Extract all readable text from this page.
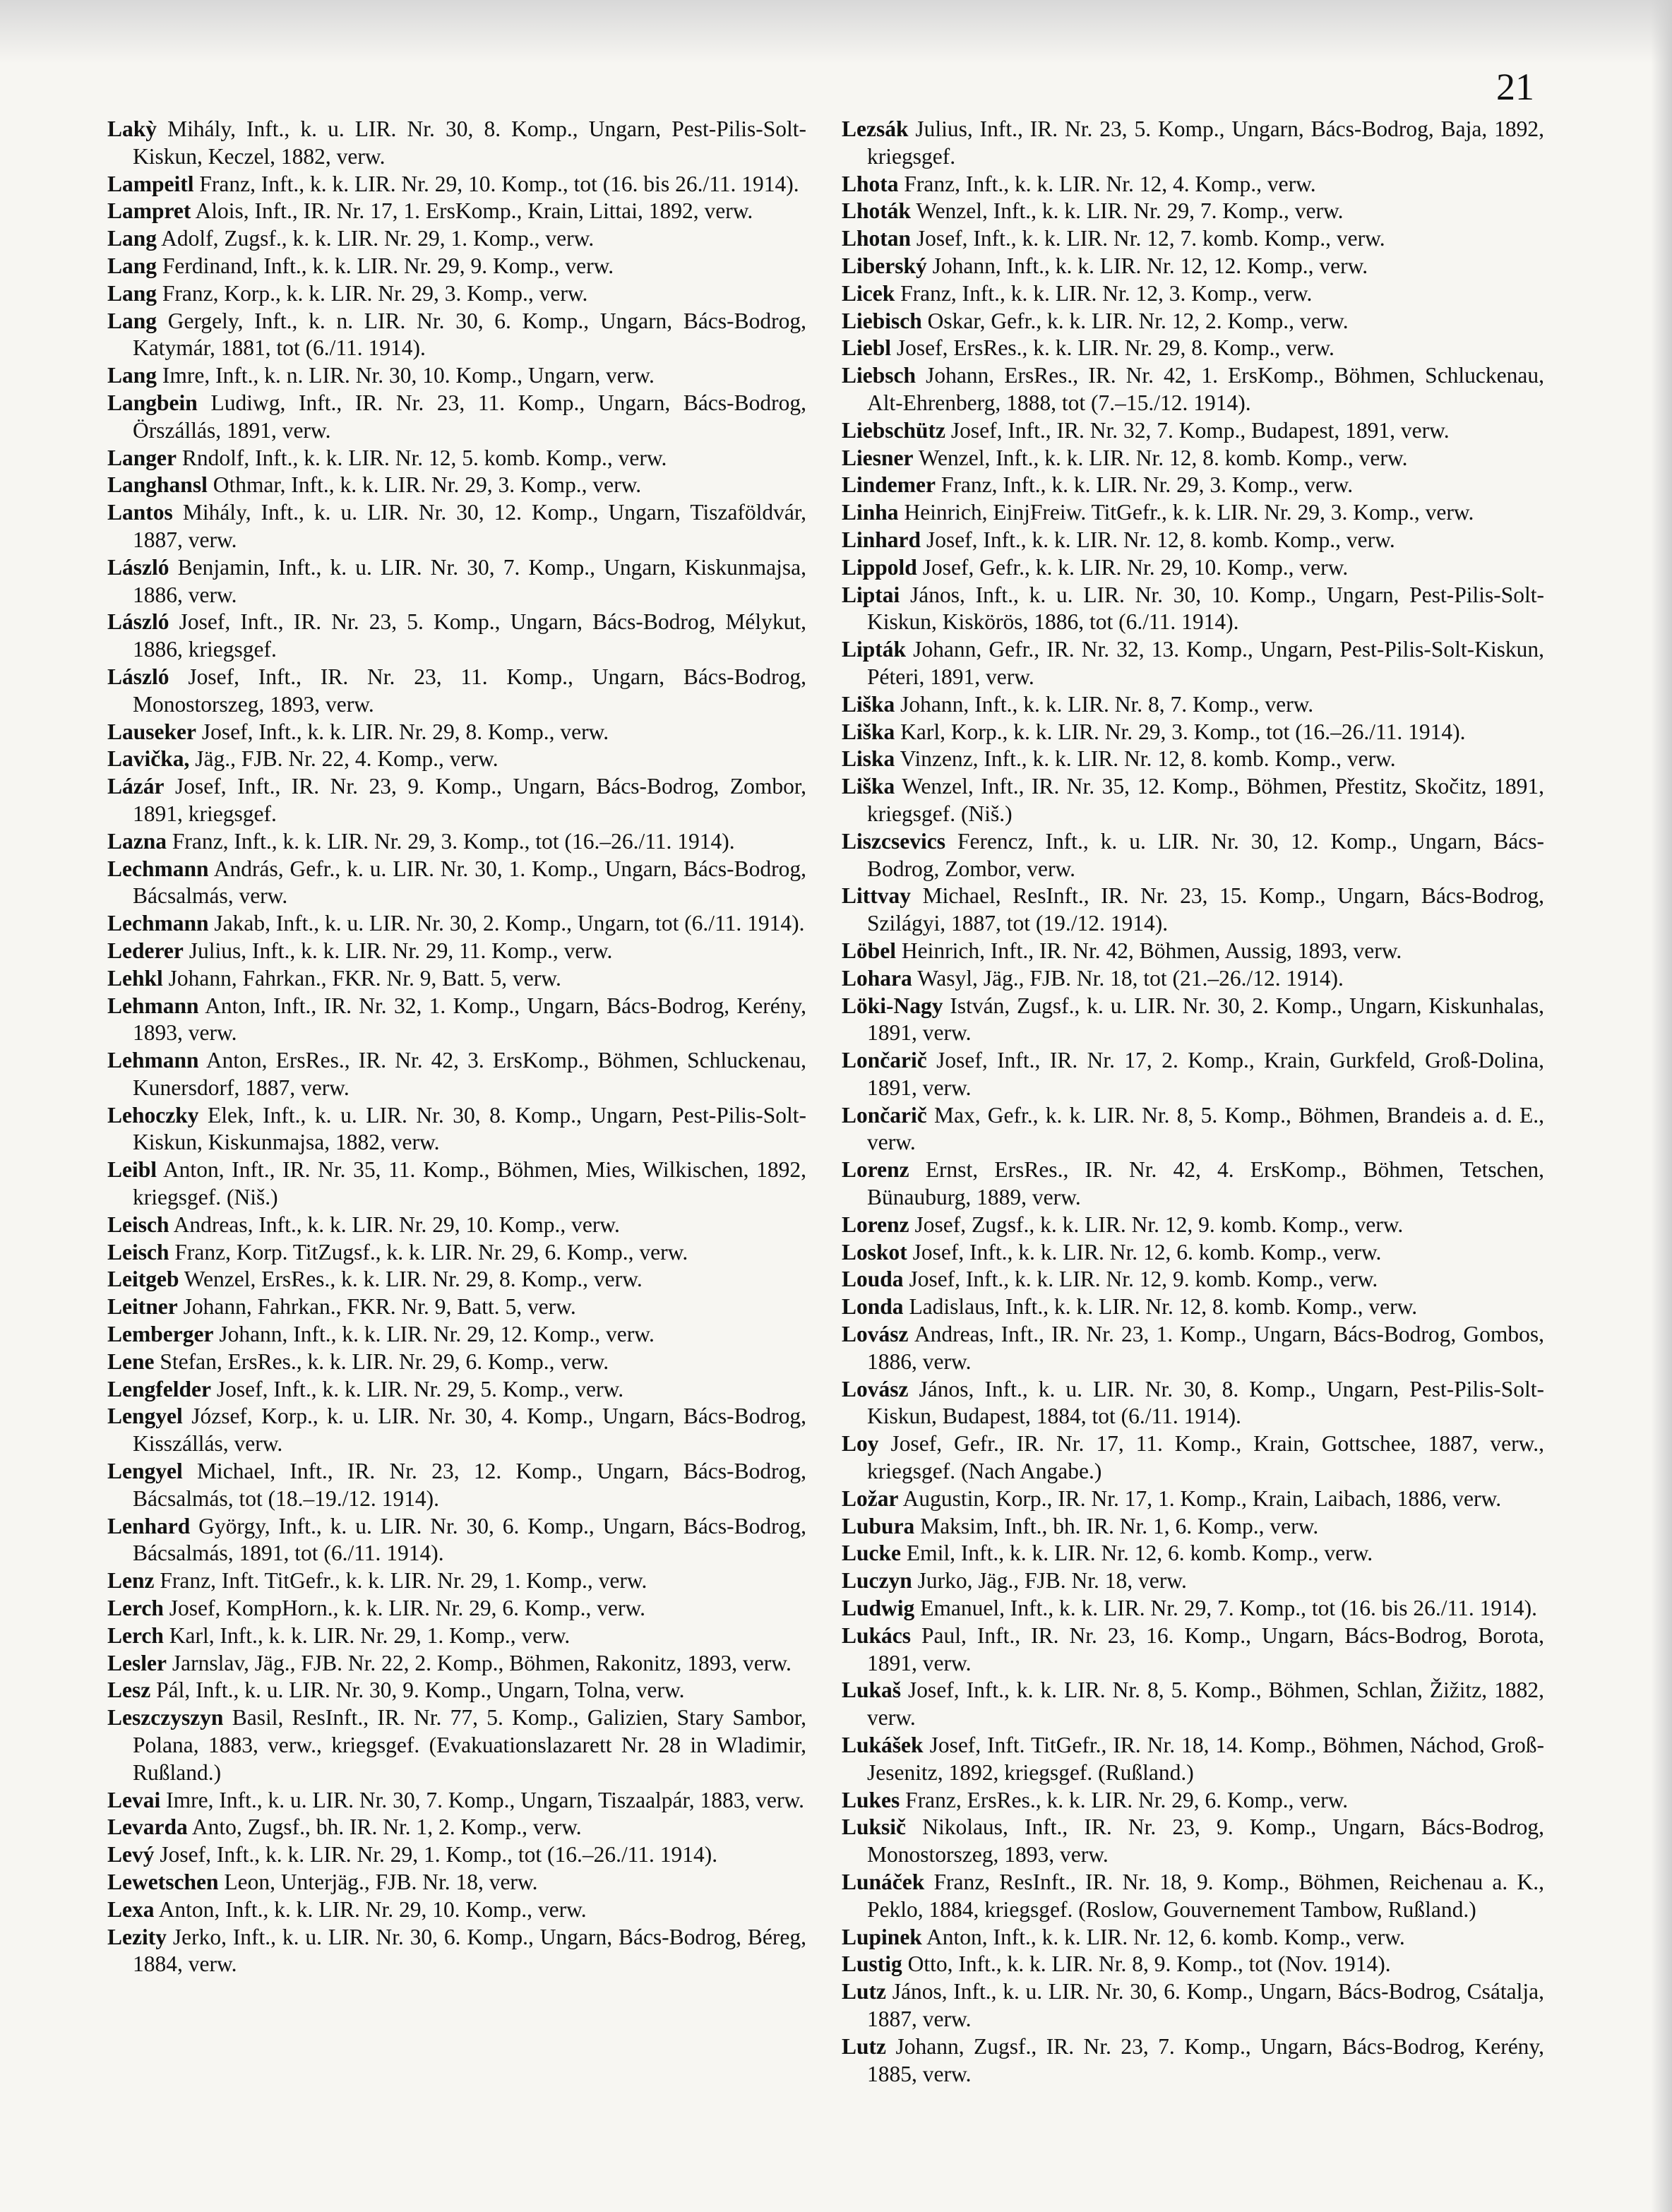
21

Lakỳ Mihály, Inft., k. u. LIR. Nr. 30, 8. Komp., Ungarn, Pest-Pilis-Solt-Kiskun, Keczel, 1882, verw.

Lampeitl Franz, Inft., k. k. LIR. Nr. 29, 10. Komp., tot (16. bis 26./11. 1914).

Lampret Alois, Inft., IR. Nr. 17, 1. ErsKomp., Krain, Littai, 1892, verw.

Lang Adolf, Zugsf., k. k. LIR. Nr. 29, 1. Komp., verw.

Lang Ferdinand, Inft., k. k. LIR. Nr. 29, 9. Komp., verw.

Lang Franz, Korp., k. k. LIR. Nr. 29, 3. Komp., verw.

Lang Gergely, Inft., k. n. LIR. Nr. 30, 6. Komp., Ungarn, Bács-Bodrog, Katymár, 1881, tot (6./11. 1914).

Lang Imre, Inft., k. n. LIR. Nr. 30, 10. Komp., Ungarn, verw.

Langbein Ludiwg, Inft., IR. Nr. 23, 11. Komp., Ungarn, Bács-Bodrog, Örszállás, 1891, verw.

Langer Rndolf, Inft., k. k. LIR. Nr. 12, 5. komb. Komp., verw.

Langhansl Othmar, Inft., k. k. LIR. Nr. 29, 3. Komp., verw.

Lantos Mihály, Inft., k. u. LIR. Nr. 30, 12. Komp., Ungarn, Tiszaföldvár, 1887, verw.

László Benjamin, Inft., k. u. LIR. Nr. 30, 7. Komp., Ungarn, Kiskunmajsa, 1886, verw.

László Josef, Inft., IR. Nr. 23, 5. Komp., Ungarn, Bács-Bodrog, Mélykut, 1886, kriegsgef.

László Josef, Inft., IR. Nr. 23, 11. Komp., Ungarn, Bács-Bodrog, Monostorszeg, 1893, verw.

Lauseker Josef, Inft., k. k. LIR. Nr. 29, 8. Komp., verw.

Lavička, Jäg., FJB. Nr. 22, 4. Komp., verw.

Lázár Josef, Inft., IR. Nr. 23, 9. Komp., Ungarn, Bács-Bodrog, Zombor, 1891, kriegsgef.

Lazna Franz, Inft., k. k. LIR. Nr. 29, 3. Komp., tot (16.–26./11. 1914).

Lechmann András, Gefr., k. u. LIR. Nr. 30, 1. Komp., Ungarn, Bács-Bodrog, Bácsalmás, verw.

Lechmann Jakab, Inft., k. u. LIR. Nr. 30, 2. Komp., Ungarn, tot (6./11. 1914).

Lederer Julius, Inft., k. k. LIR. Nr. 29, 11. Komp., verw.

Lehkl Johann, Fahrkan., FKR. Nr. 9, Batt. 5, verw.

Lehmann Anton, Inft., IR. Nr. 32, 1. Komp., Ungarn, Bács-Bodrog, Kerény, 1893, verw.

Lehmann Anton, ErsRes., IR. Nr. 42, 3. ErsKomp., Böhmen, Schluckenau, Kunersdorf, 1887, verw.

Lehoczky Elek, Inft., k. u. LIR. Nr. 30, 8. Komp., Ungarn, Pest-Pilis-Solt-Kiskun, Kiskunmajsa, 1882, verw.

Leibl Anton, Inft., IR. Nr. 35, 11. Komp., Böhmen, Mies, Wilkischen, 1892, kriegsgef. (Niš.)

Leisch Andreas, Inft., k. k. LIR. Nr. 29, 10. Komp., verw.

Leisch Franz, Korp. TitZugsf., k. k. LIR. Nr. 29, 6. Komp., verw.

Leitgeb Wenzel, ErsRes., k. k. LIR. Nr. 29, 8. Komp., verw.

Leitner Johann, Fahrkan., FKR. Nr. 9, Batt. 5, verw.

Lemberger Johann, Inft., k. k. LIR. Nr. 29, 12. Komp., verw.

Lene Stefan, ErsRes., k. k. LIR. Nr. 29, 6. Komp., verw.

Lengfelder Josef, Inft., k. k. LIR. Nr. 29, 5. Komp., verw.

Lengyel József, Korp., k. u. LIR. Nr. 30, 4. Komp., Ungarn, Bács-Bodrog, Kisszállás, verw.

Lengyel Michael, Inft., IR. Nr. 23, 12. Komp., Ungarn, Bács-Bodrog, Bácsalmás, tot (18.–19./12. 1914).

Lenhard György, Inft., k. u. LIR. Nr. 30, 6. Komp., Ungarn, Bács-Bodrog, Bácsalmás, 1891, tot (6./11. 1914).

Lenz Franz, Inft. TitGefr., k. k. LIR. Nr. 29, 1. Komp., verw.

Lerch Josef, KompHorn., k. k. LIR. Nr. 29, 6. Komp., verw.

Lerch Karl, Inft., k. k. LIR. Nr. 29, 1. Komp., verw.

Lesler Jarnslav, Jäg., FJB. Nr. 22, 2. Komp., Böhmen, Rakonitz, 1893, verw.

Lesz Pál, Inft., k. u. LIR. Nr. 30, 9. Komp., Ungarn, Tolna, verw.

Leszczyszyn Basil, ResInft., IR. Nr. 77, 5. Komp., Galizien, Stary Sambor, Polana, 1883, verw., kriegsgef. (Evakuationslazarett Nr. 28 in Wladimir, Rußland.)

Levai Imre, Inft., k. u. LIR. Nr. 30, 7. Komp., Ungarn, Tiszaalpár, 1883, verw.

Levarda Anto, Zugsf., bh. IR. Nr. 1, 2. Komp., verw.

Levý Josef, Inft., k. k. LIR. Nr. 29, 1. Komp., tot (16.–26./11. 1914).

Lewetschen Leon, Unterjäg., FJB. Nr. 18, verw.

Lexa Anton, Inft., k. k. LIR. Nr. 29, 10. Komp., verw.

Lezity Jerko, Inft., k. u. LIR. Nr. 30, 6. Komp., Ungarn, Bács-Bodrog, Béreg, 1884, verw.

Lezsák Julius, Inft., IR. Nr. 23, 5. Komp., Ungarn, Bács-Bodrog, Baja, 1892, kriegsgef.

Lhota Franz, Inft., k. k. LIR. Nr. 12, 4. Komp., verw.

Lhoták Wenzel, Inft., k. k. LIR. Nr. 29, 7. Komp., verw.

Lhotan Josef, Inft., k. k. LIR. Nr. 12, 7. komb. Komp., verw.

Liberský Johann, Inft., k. k. LIR. Nr. 12, 12. Komp., verw.

Licek Franz, Inft., k. k. LIR. Nr. 12, 3. Komp., verw.

Liebisch Oskar, Gefr., k. k. LIR. Nr. 12, 2. Komp., verw.

Liebl Josef, ErsRes., k. k. LIR. Nr. 29, 8. Komp., verw.

Liebsch Johann, ErsRes., IR. Nr. 42, 1. ErsKomp., Böhmen, Schluckenau, Alt-Ehrenberg, 1888, tot (7.–15./12. 1914).

Liebschütz Josef, Inft., IR. Nr. 32, 7. Komp., Budapest, 1891, verw.

Liesner Wenzel, Inft., k. k. LIR. Nr. 12, 8. komb. Komp., verw.

Lindemer Franz, Inft., k. k. LIR. Nr. 29, 3. Komp., verw.

Linha Heinrich, EinjFreiw. TitGefr., k. k. LIR. Nr. 29, 3. Komp., verw.

Linhard Josef, Inft., k. k. LIR. Nr. 12, 8. komb. Komp., verw.

Lippold Josef, Gefr., k. k. LIR. Nr. 29, 10. Komp., verw.

Liptai János, Inft., k. u. LIR. Nr. 30, 10. Komp., Ungarn, Pest-Pilis-Solt-Kiskun, Kiskörös, 1886, tot (6./11. 1914).

Lipták Johann, Gefr., IR. Nr. 32, 13. Komp., Ungarn, Pest-Pilis-Solt-Kiskun, Péteri, 1891, verw.

Liška Johann, Inft., k. k. LIR. Nr. 8, 7. Komp., verw.

Liška Karl, Korp., k. k. LIR. Nr. 29, 3. Komp., tot (16.–26./11. 1914).

Liska Vinzenz, Inft., k. k. LIR. Nr. 12, 8. komb. Komp., verw.

Liška Wenzel, Inft., IR. Nr. 35, 12. Komp., Böhmen, Přestitz, Skočitz, 1891, kriegsgef. (Niš.)

Liszcsevics Ferencz, Inft., k. u. LIR. Nr. 30, 12. Komp., Ungarn, Bács-Bodrog, Zombor, verw.

Littvay Michael, ResInft., IR. Nr. 23, 15. Komp., Ungarn, Bács-Bodrog, Szilágyi, 1887, tot (19./12. 1914).

Löbel Heinrich, Inft., IR. Nr. 42, Böhmen, Aussig, 1893, verw.

Lohara Wasyl, Jäg., FJB. Nr. 18, tot (21.–26./12. 1914).

Löki-Nagy István, Zugsf., k. u. LIR. Nr. 30, 2. Komp., Ungarn, Kiskunhalas, 1891, verw.

Lončarič Josef, Inft., IR. Nr. 17, 2. Komp., Krain, Gurkfeld, Groß-Dolina, 1891, verw.

Lončarič Max, Gefr., k. k. LIR. Nr. 8, 5. Komp., Böhmen, Brandeis a. d. E., verw.

Lorenz Ernst, ErsRes., IR. Nr. 42, 4. ErsKomp., Böhmen, Tetschen, Bünauburg, 1889, verw.

Lorenz Josef, Zugsf., k. k. LIR. Nr. 12, 9. komb. Komp., verw.

Loskot Josef, Inft., k. k. LIR. Nr. 12, 6. komb. Komp., verw.

Louda Josef, Inft., k. k. LIR. Nr. 12, 9. komb. Komp., verw.

Londa Ladislaus, Inft., k. k. LIR. Nr. 12, 8. komb. Komp., verw.

Lovász Andreas, Inft., IR. Nr. 23, 1. Komp., Ungarn, Bács-Bodrog, Gombos, 1886, verw.

Lovász János, Inft., k. u. LIR. Nr. 30, 8. Komp., Ungarn, Pest-Pilis-Solt-Kiskun, Budapest, 1884, tot (6./11. 1914).

Loy Josef, Gefr., IR. Nr. 17, 11. Komp., Krain, Gottschee, 1887, verw., kriegsgef. (Nach Angabe.)

Ložar Augustin, Korp., IR. Nr. 17, 1. Komp., Krain, Laibach, 1886, verw.

Lubura Maksim, Inft., bh. IR. Nr. 1, 6. Komp., verw.

Lucke Emil, Inft., k. k. LIR. Nr. 12, 6. komb. Komp., verw.

Luczyn Jurko, Jäg., FJB. Nr. 18, verw.

Ludwig Emanuel, Inft., k. k. LIR. Nr. 29, 7. Komp., tot (16. bis 26./11. 1914).

Lukács Paul, Inft., IR. Nr. 23, 16. Komp., Ungarn, Bács-Bodrog, Borota, 1891, verw.

Lukaš Josef, Inft., k. k. LIR. Nr. 8, 5. Komp., Böhmen, Schlan, Žižitz, 1882, verw.

Lukášek Josef, Inft. TitGefr., IR. Nr. 18, 14. Komp., Böhmen, Náchod, Groß-Jesenitz, 1892, kriegsgef. (Rußland.)

Lukes Franz, ErsRes., k. k. LIR. Nr. 29, 6. Komp., verw.

Luksič Nikolaus, Inft., IR. Nr. 23, 9. Komp., Ungarn, Bács-Bodrog, Monostorszeg, 1893, verw.

Lunáček Franz, ResInft., IR. Nr. 18, 9. Komp., Böhmen, Reichenau a. K., Peklo, 1884, kriegsgef. (Roslow, Gouvernement Tambow, Rußland.)

Lupinek Anton, Inft., k. k. LIR. Nr. 12, 6. komb. Komp., verw.

Lustig Otto, Inft., k. k. LIR. Nr. 8, 9. Komp., tot (Nov. 1914).

Lutz János, Inft., k. u. LIR. Nr. 30, 6. Komp., Ungarn, Bács-Bodrog, Csátalja, 1887, verw.

Lutz Johann, Zugsf., IR. Nr. 23, 7. Komp., Ungarn, Bács-Bodrog, Kerény, 1885, verw.
